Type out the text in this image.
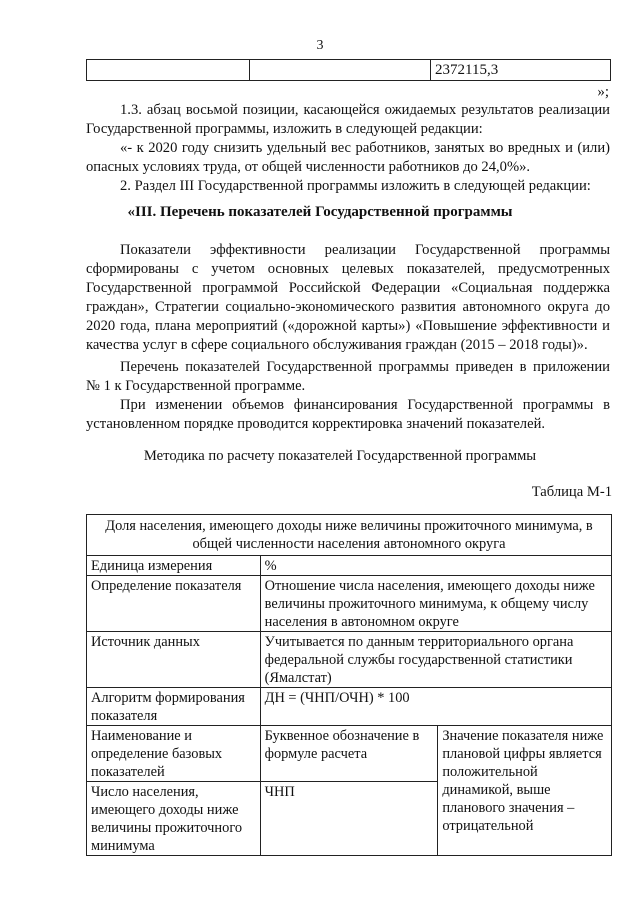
3
		2372115,3
»;
1.3. абзац восьмой позиции, касающейся ожидаемых результатов реализации Государственной программы, изложить в следующей редакции:
«- к 2020 году снизить удельный вес работников, занятых во вредных и (или) опасных условиях труда, от общей численности работников до 24,0%».
2. Раздел III Государственной программы изложить в следующей редакции:
«III. Перечень показателей Государственной программы
Показатели эффективности реализации Государственной программы сформированы с учетом основных целевых показателей, предусмотренных Государственной программой Российской Федерации «Социальная поддержка граждан», Стратегии социально-экономического развития автономного округа до 2020 года, плана мероприятий («дорожной карты») «Повышение эффективности и качества услуг в сфере социального обслуживания граждан (2015 – 2018 годы)».
Перечень показателей Государственной программы приведен в приложении № 1 к Государственной программе.
При изменении объемов финансирования Государственной программы в установленном порядке проводится корректировка значений показателей.
Методика по расчету показателей Государственной программы
Таблица М-1
Доля населения, имеющего доходы ниже величины прожиточного минимума, в общей численности населения автономного округа		
Единица измерения	%	
Определение показателя	Отношение числа населения, имеющего доходы ниже величины прожиточного минимума, к общему числу населения в автономном округе	
Источник данных	Учитывается по данным территориального органа федеральной службы государственной статистики (Ямалстат)	
Алгоритм формирования показателя	ДН = (ЧНП/ОЧН) * 100	
Наименование и определение базовых показателей	Буквенное обозначение в формуле расчета	Значение показателя ниже плановой цифры является положительной динамикой, выше планового значения – отрицательной
Число населения, имеющего доходы ниже величины прожиточного минимума	ЧНП	
